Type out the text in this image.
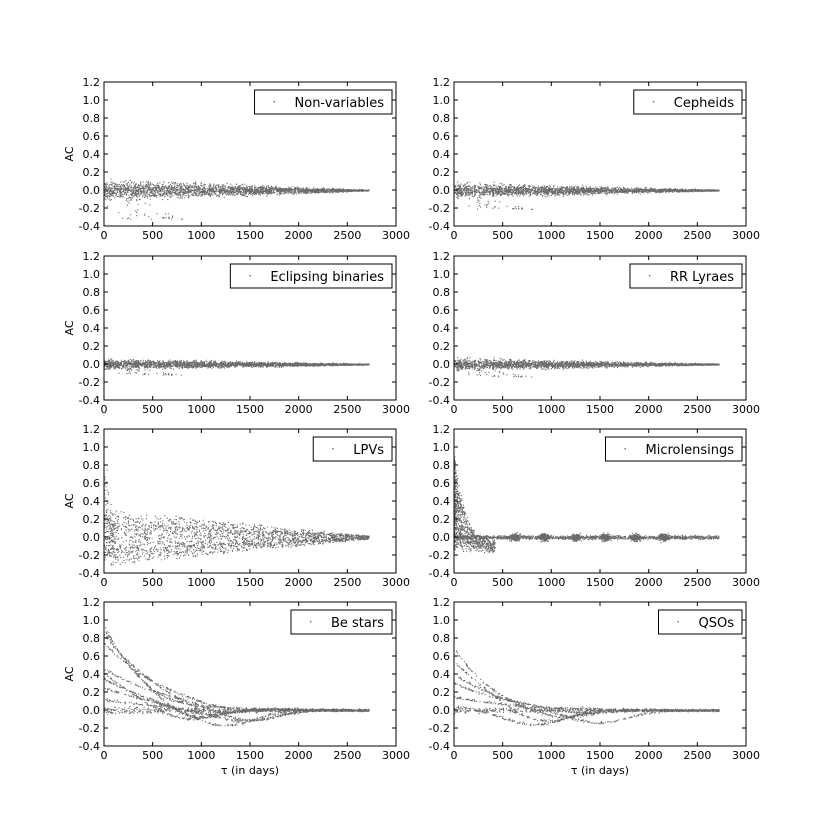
-0.4
-0.2
0.0
0.2
0.4
0.6
0.8
1.0
1.2
0	500 1000 1500 2000 2500 3000
AC
Non-variables
-0.4
-0.2
0.0
0.2
0.4
0.6
0.8
1.0
1.2
0	500 1000 1500 2000 2500 3000
Cepheids
-0.4
-0.2
0.0
0.2
0.4
0.6
0.8
1.0
1.2
0	500 1000 1500 2000 2500 3000
AC
Eclipsing binaries
-0.4
-0.2
0.0
0.2
0.4
0.6
0.8
1.0
1.2
0	500 1000 1500 2000 2500 3000
RR Lyraes
-0.4
-0.2
0.0
0.2
0.4
0.6
0.8
1.0
1.2
0	500 1000 1500 2000 2500 3000
AC
LPVs
-0.4
-0.2
0.0
0.2
0.4
0.6
0.8
1.0
1.2
0	500 1000 1500 2000 2500 3000
Microlensings
-0.4
-0.2
0.0
0.2
0.4
0.6
0.8
1.0
1.2
0	500 1000 1500 2000 2500 3000
AC
τ (in days)
Be stars
-0.4
-0.2
0.0
0.2
0.4
0.6
0.8
1.0
1.2
0	500 1000 1500 2000 2500 3000
τ (in days)
QSOs
